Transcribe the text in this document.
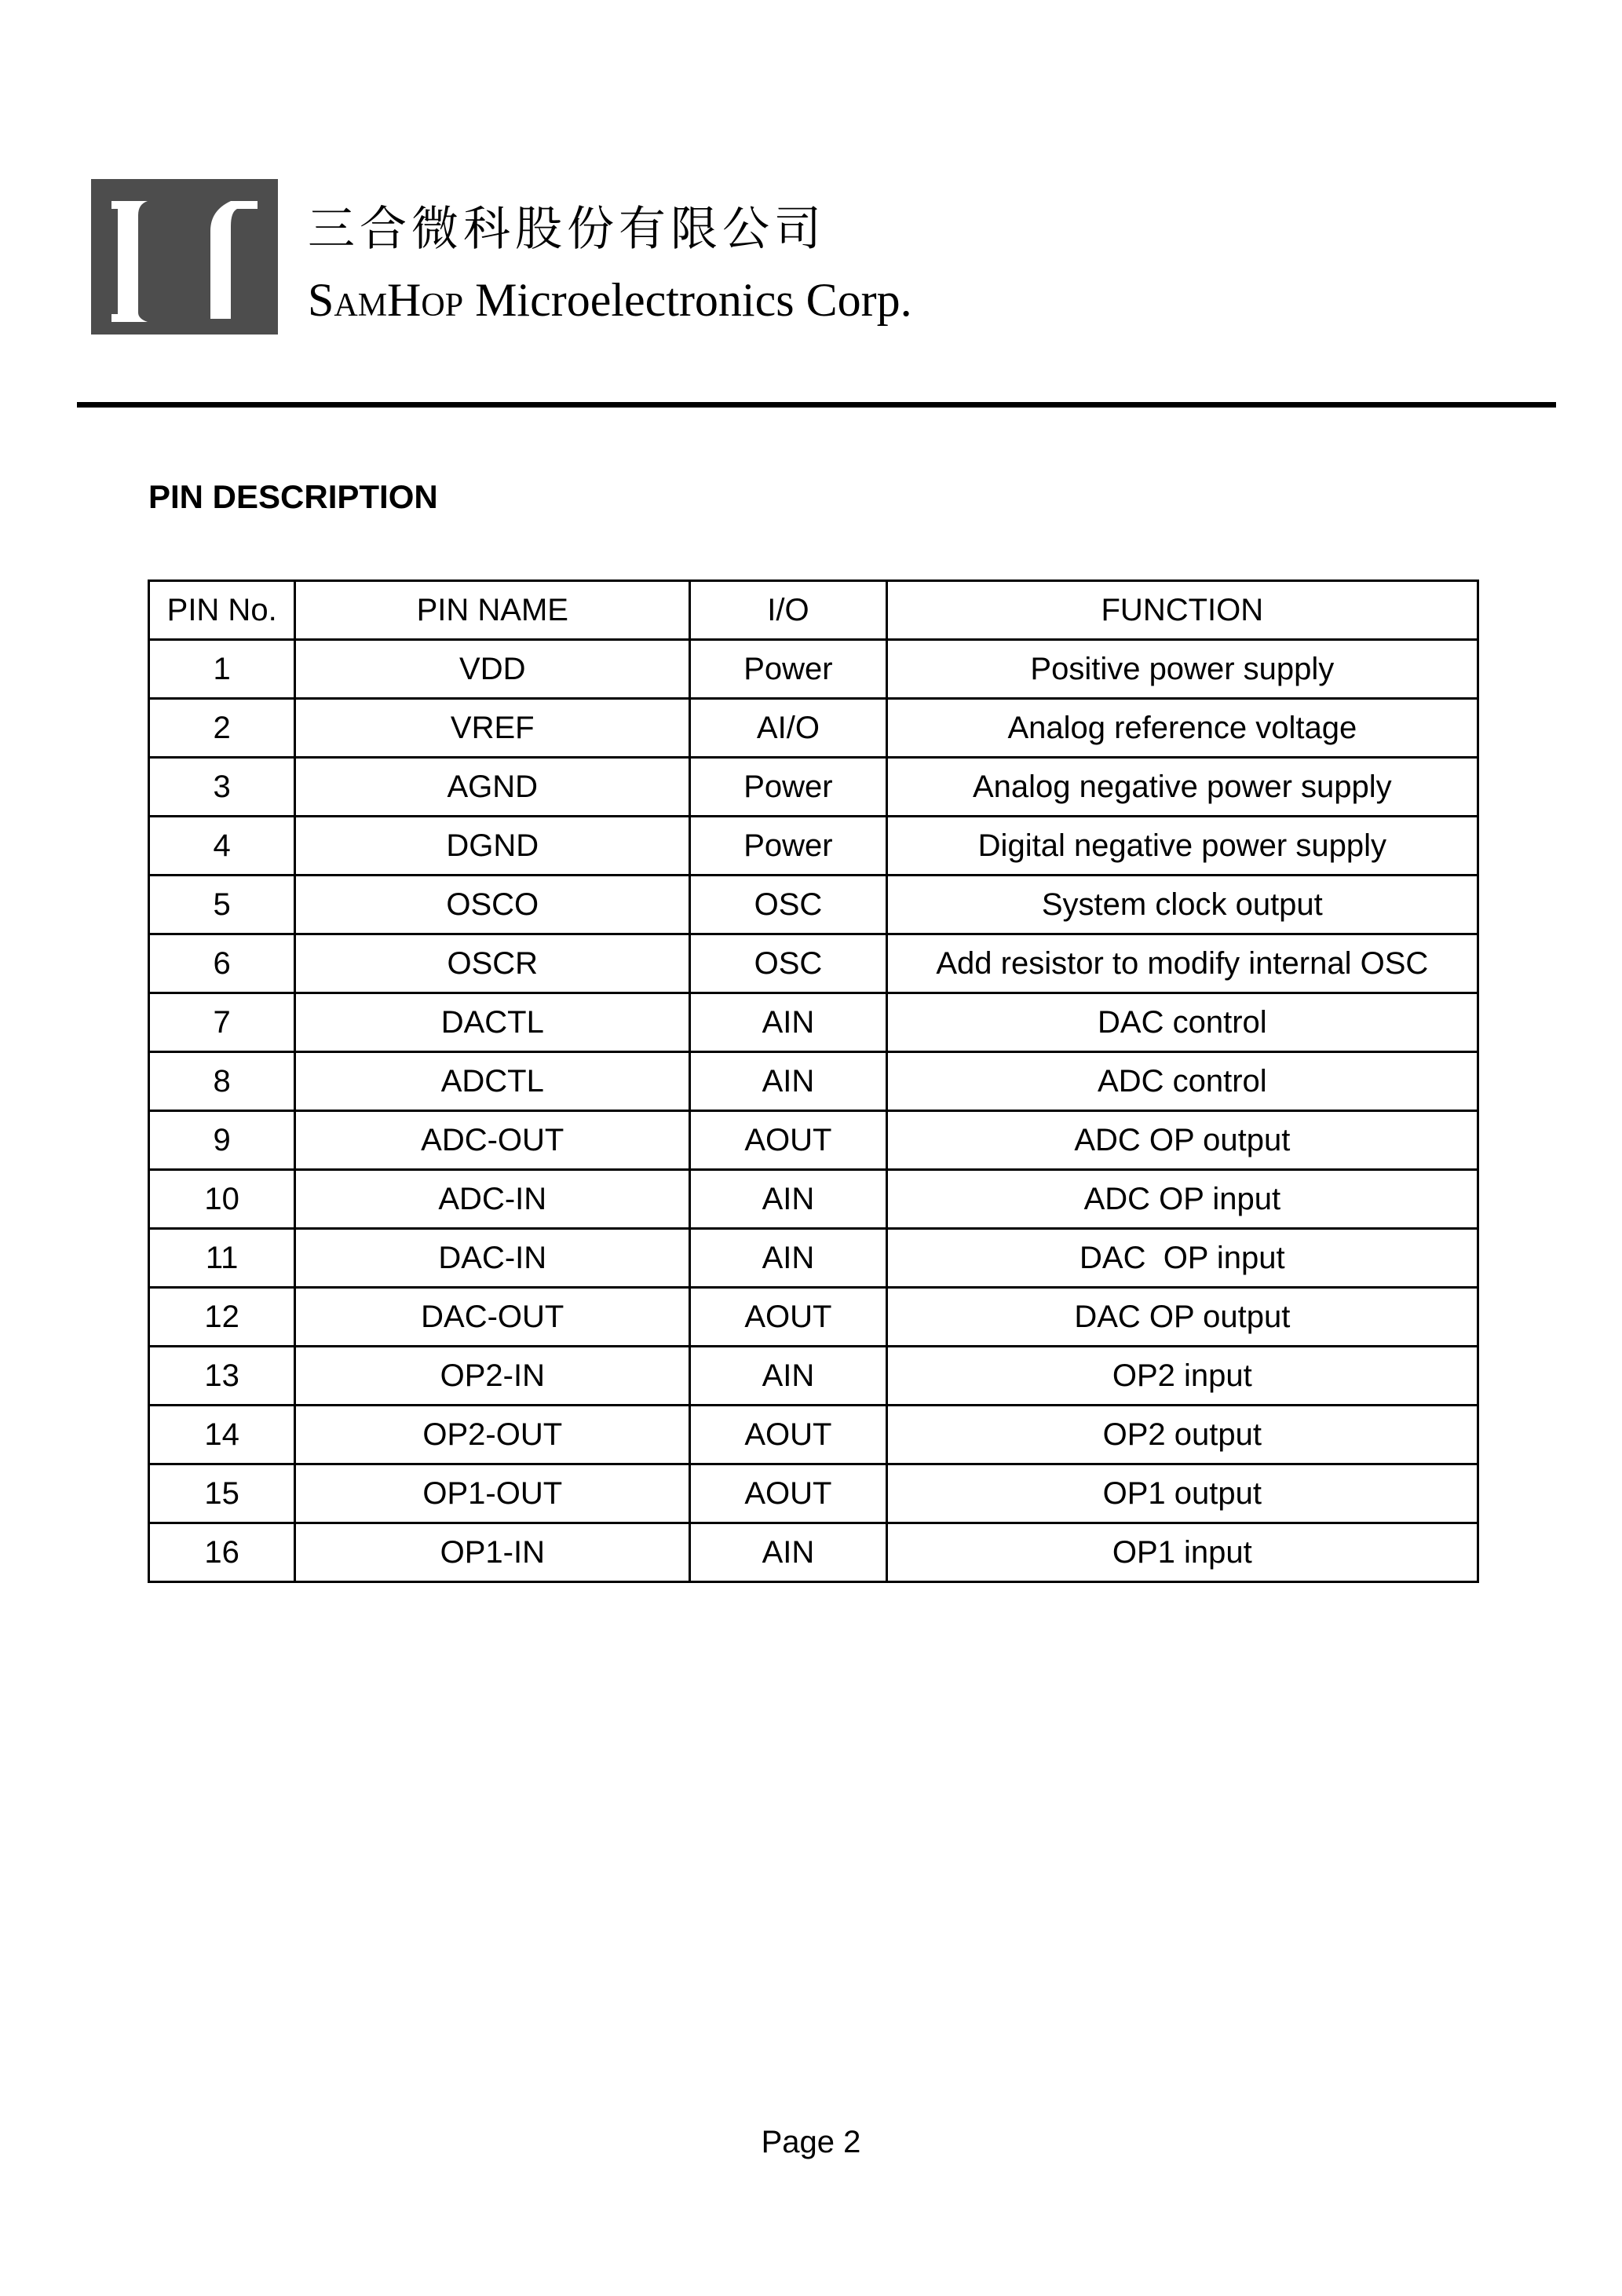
三合微科股份有限公司
SamHop Microelectronics Corp.
PIN DESCRIPTION
PIN No.	PIN NAME	I/O	FUNCTION
1	VDD	Power	Positive power supply
2	VREF	AI/O	Analog reference voltage
3	AGND	Power	Analog negative power supply
4	DGND	Power	Digital negative power supply
5	OSCO	OSC	System clock output
6	OSCR	OSC	Add resistor to modify internal OSC
7	DACTL	AIN	DAC control
8	ADCTL	AIN	ADC control
9	ADC-OUT	AOUT	ADC OP output
10	ADC-IN	AIN	ADC OP input
11	DAC-IN	AIN	DAC  OP input
12	DAC-OUT	AOUT	DAC OP output
13	OP2-IN	AIN	OP2 input
14	OP2-OUT	AOUT	OP2 output
15	OP1-OUT	AOUT	OP1 output
16	OP1-IN	AIN	OP1 input
Page 2
